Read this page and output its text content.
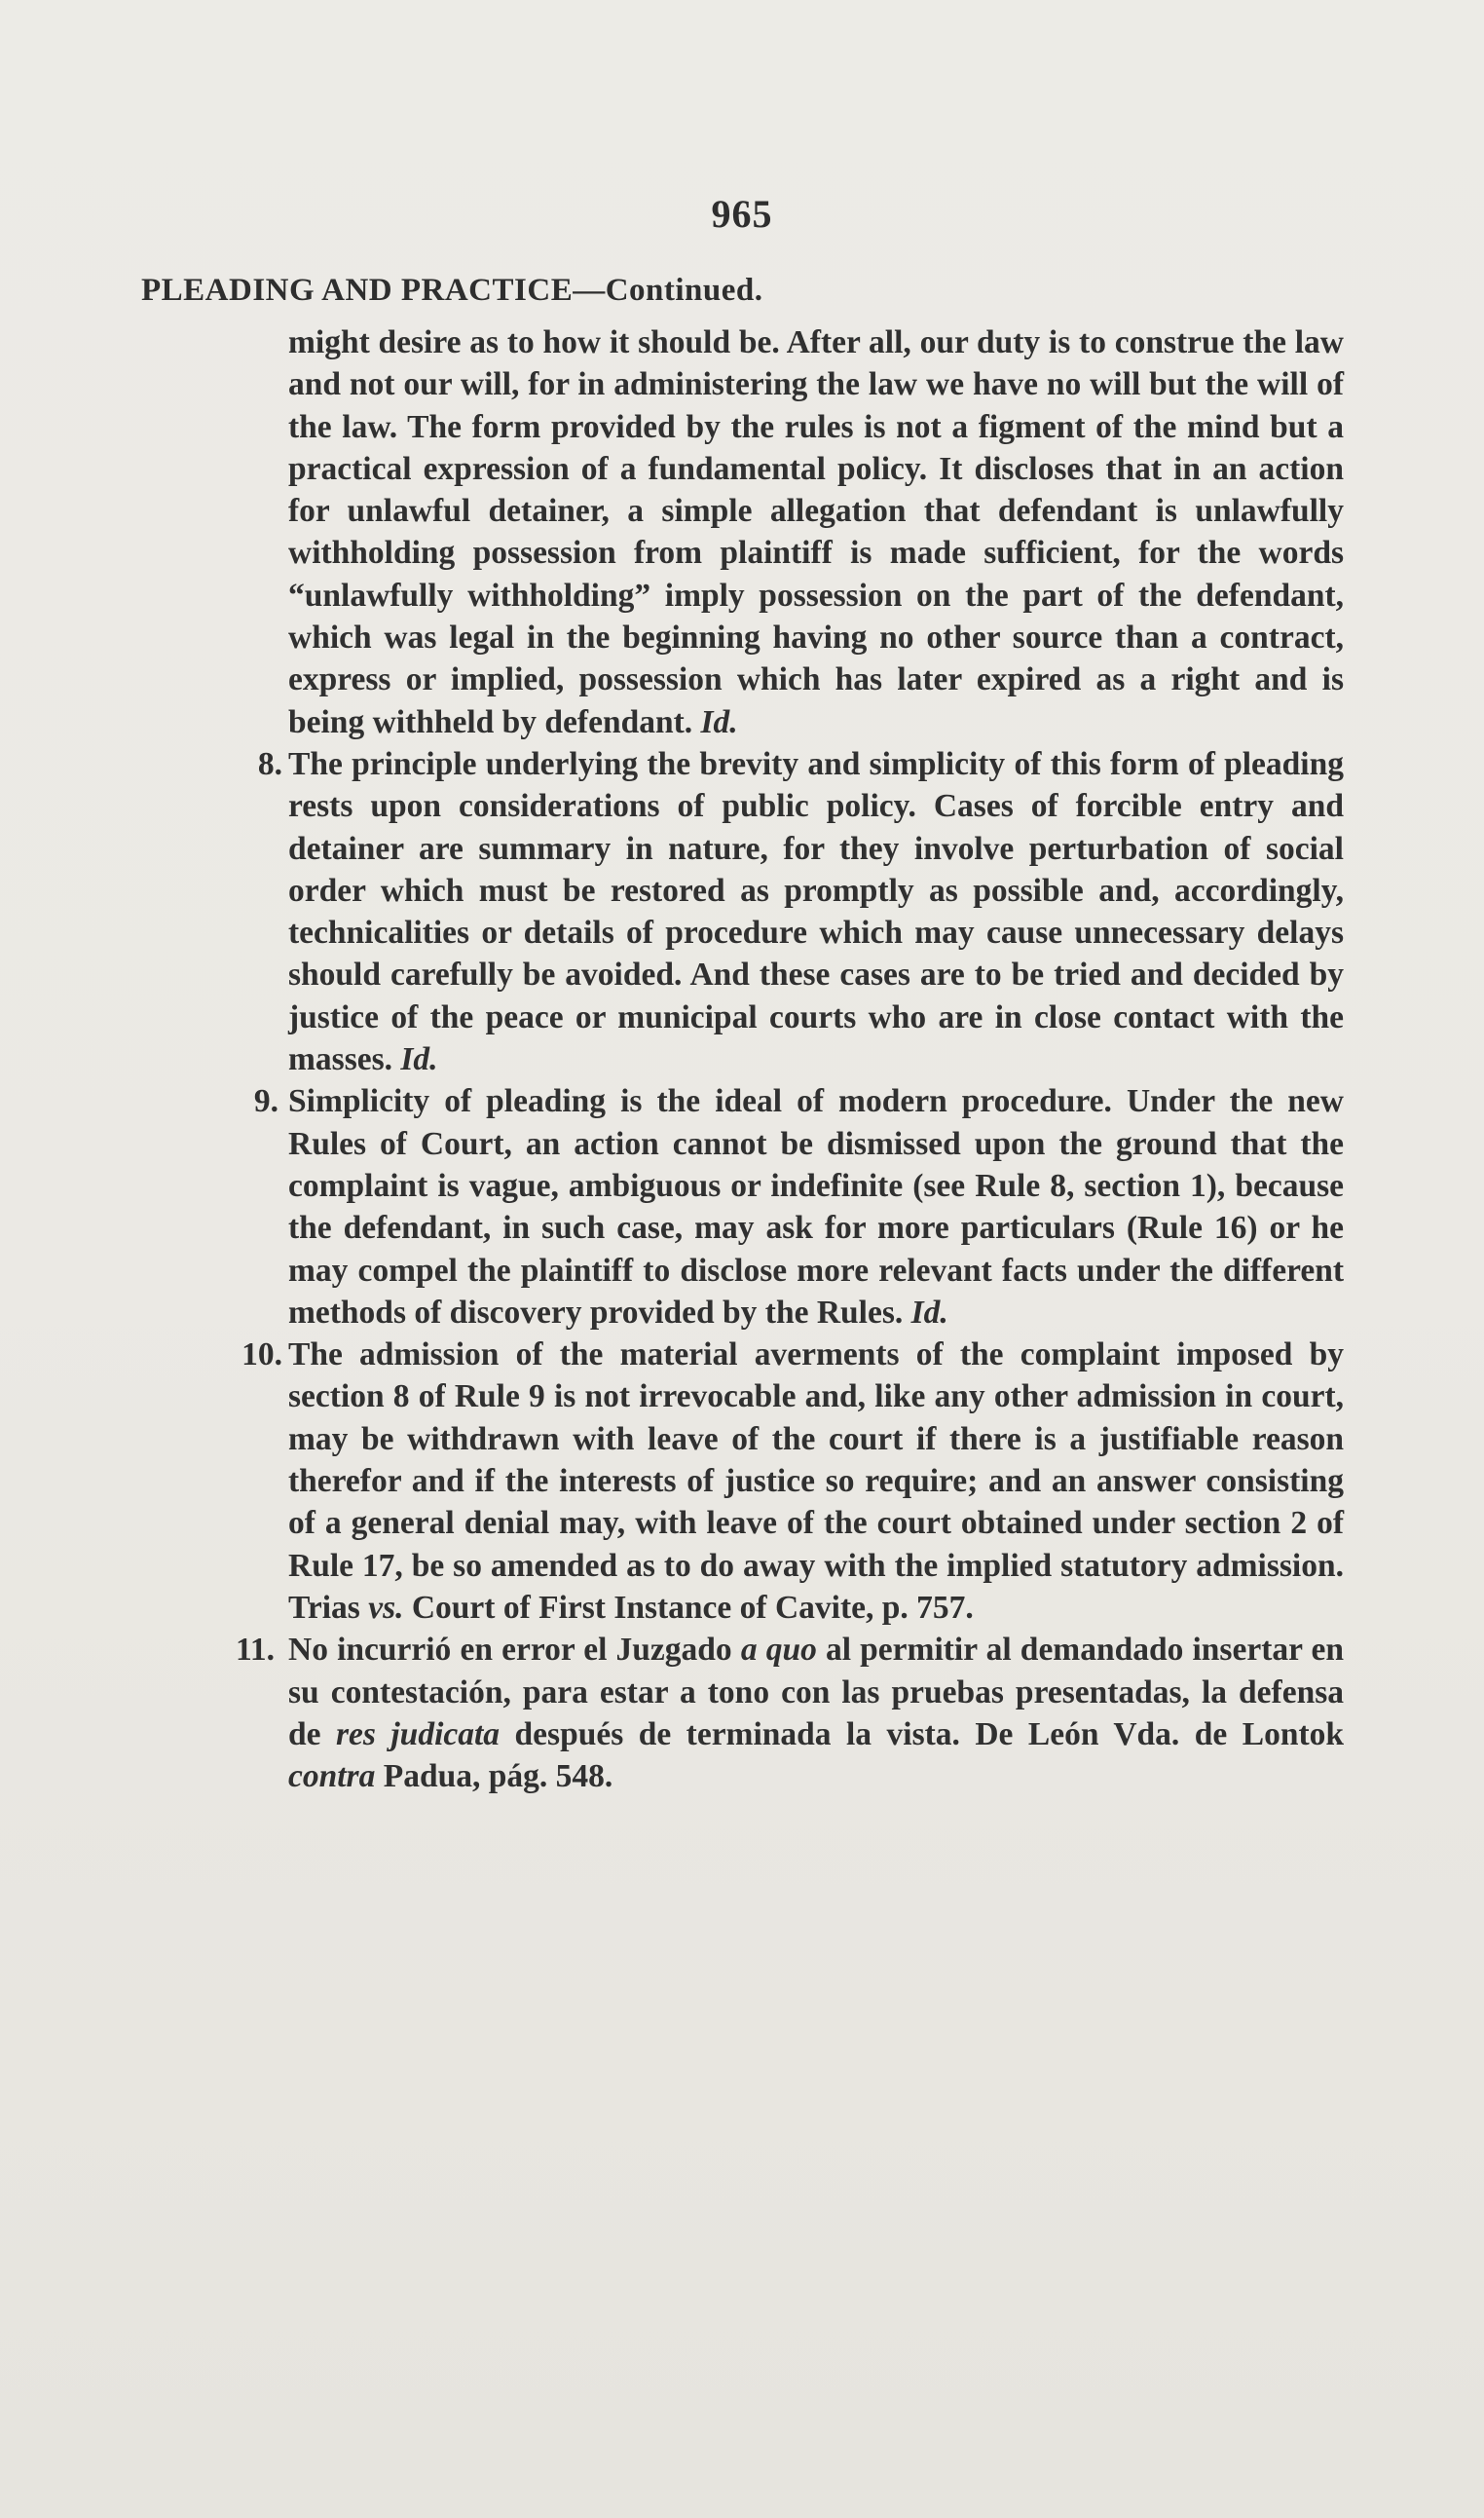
965
PLEADING AND PRACTICE—Continued.

might desire as to how it should be. After all, our duty is to construe the law and not our will, for in administering the law we have no will but the will of the law. The form provided by the rules is not a figment of the mind but a practical expression of a fundamental policy. It discloses that in an action for unlawful detainer, a simple allegation that defendant is unlawfully withholding possession from plaintiff is made sufficient, for the words “unlawfully withholding” imply possession on the part of the defendant, which was legal in the beginning having no other source than a contract, express or implied, possession which has later expired as a right and is being withheld by defendant. Id.

8. The principle underlying the brevity and simplicity of this form of pleading rests upon considerations of public policy. Cases of forcible entry and detainer are summary in nature, for they involve perturbation of social order which must be restored as promptly as possible and, accordingly, technicalities or details of procedure which may cause unnecessary delays should carefully be avoided. And these cases are to be tried and decided by justice of the peace or municipal courts who are in close contact with the masses. Id.

9. Simplicity of pleading is the ideal of modern procedure. Under the new Rules of Court, an action cannot be dismissed upon the ground that the complaint is vague, ambiguous or indefinite (see Rule 8, section 1), because the defendant, in such case, may ask for more particulars (Rule 16) or he may compel the plaintiff to disclose more relevant facts under the different methods of discovery provided by the Rules. Id.

10. The admission of the material averments of the complaint imposed by section 8 of Rule 9 is not irrevocable and, like any other admission in court, may be withdrawn with leave of the court if there is a justifiable reason therefor and if the interests of justice so require; and an answer consisting of a general denial may, with leave of the court obtained under section 2 of Rule 17, be so amended as to do away with the implied statutory admission. Trias vs. Court of First Instance of Cavite, p. 757.

11. No incurrió en error el Juzgado a quo al permitir al demandado insertar en su contestación, para estar a tono con las pruebas presentadas, la defensa de res judicata después de terminada la vista. De León Vda. de Lontok contra Padua, pág. 548.
